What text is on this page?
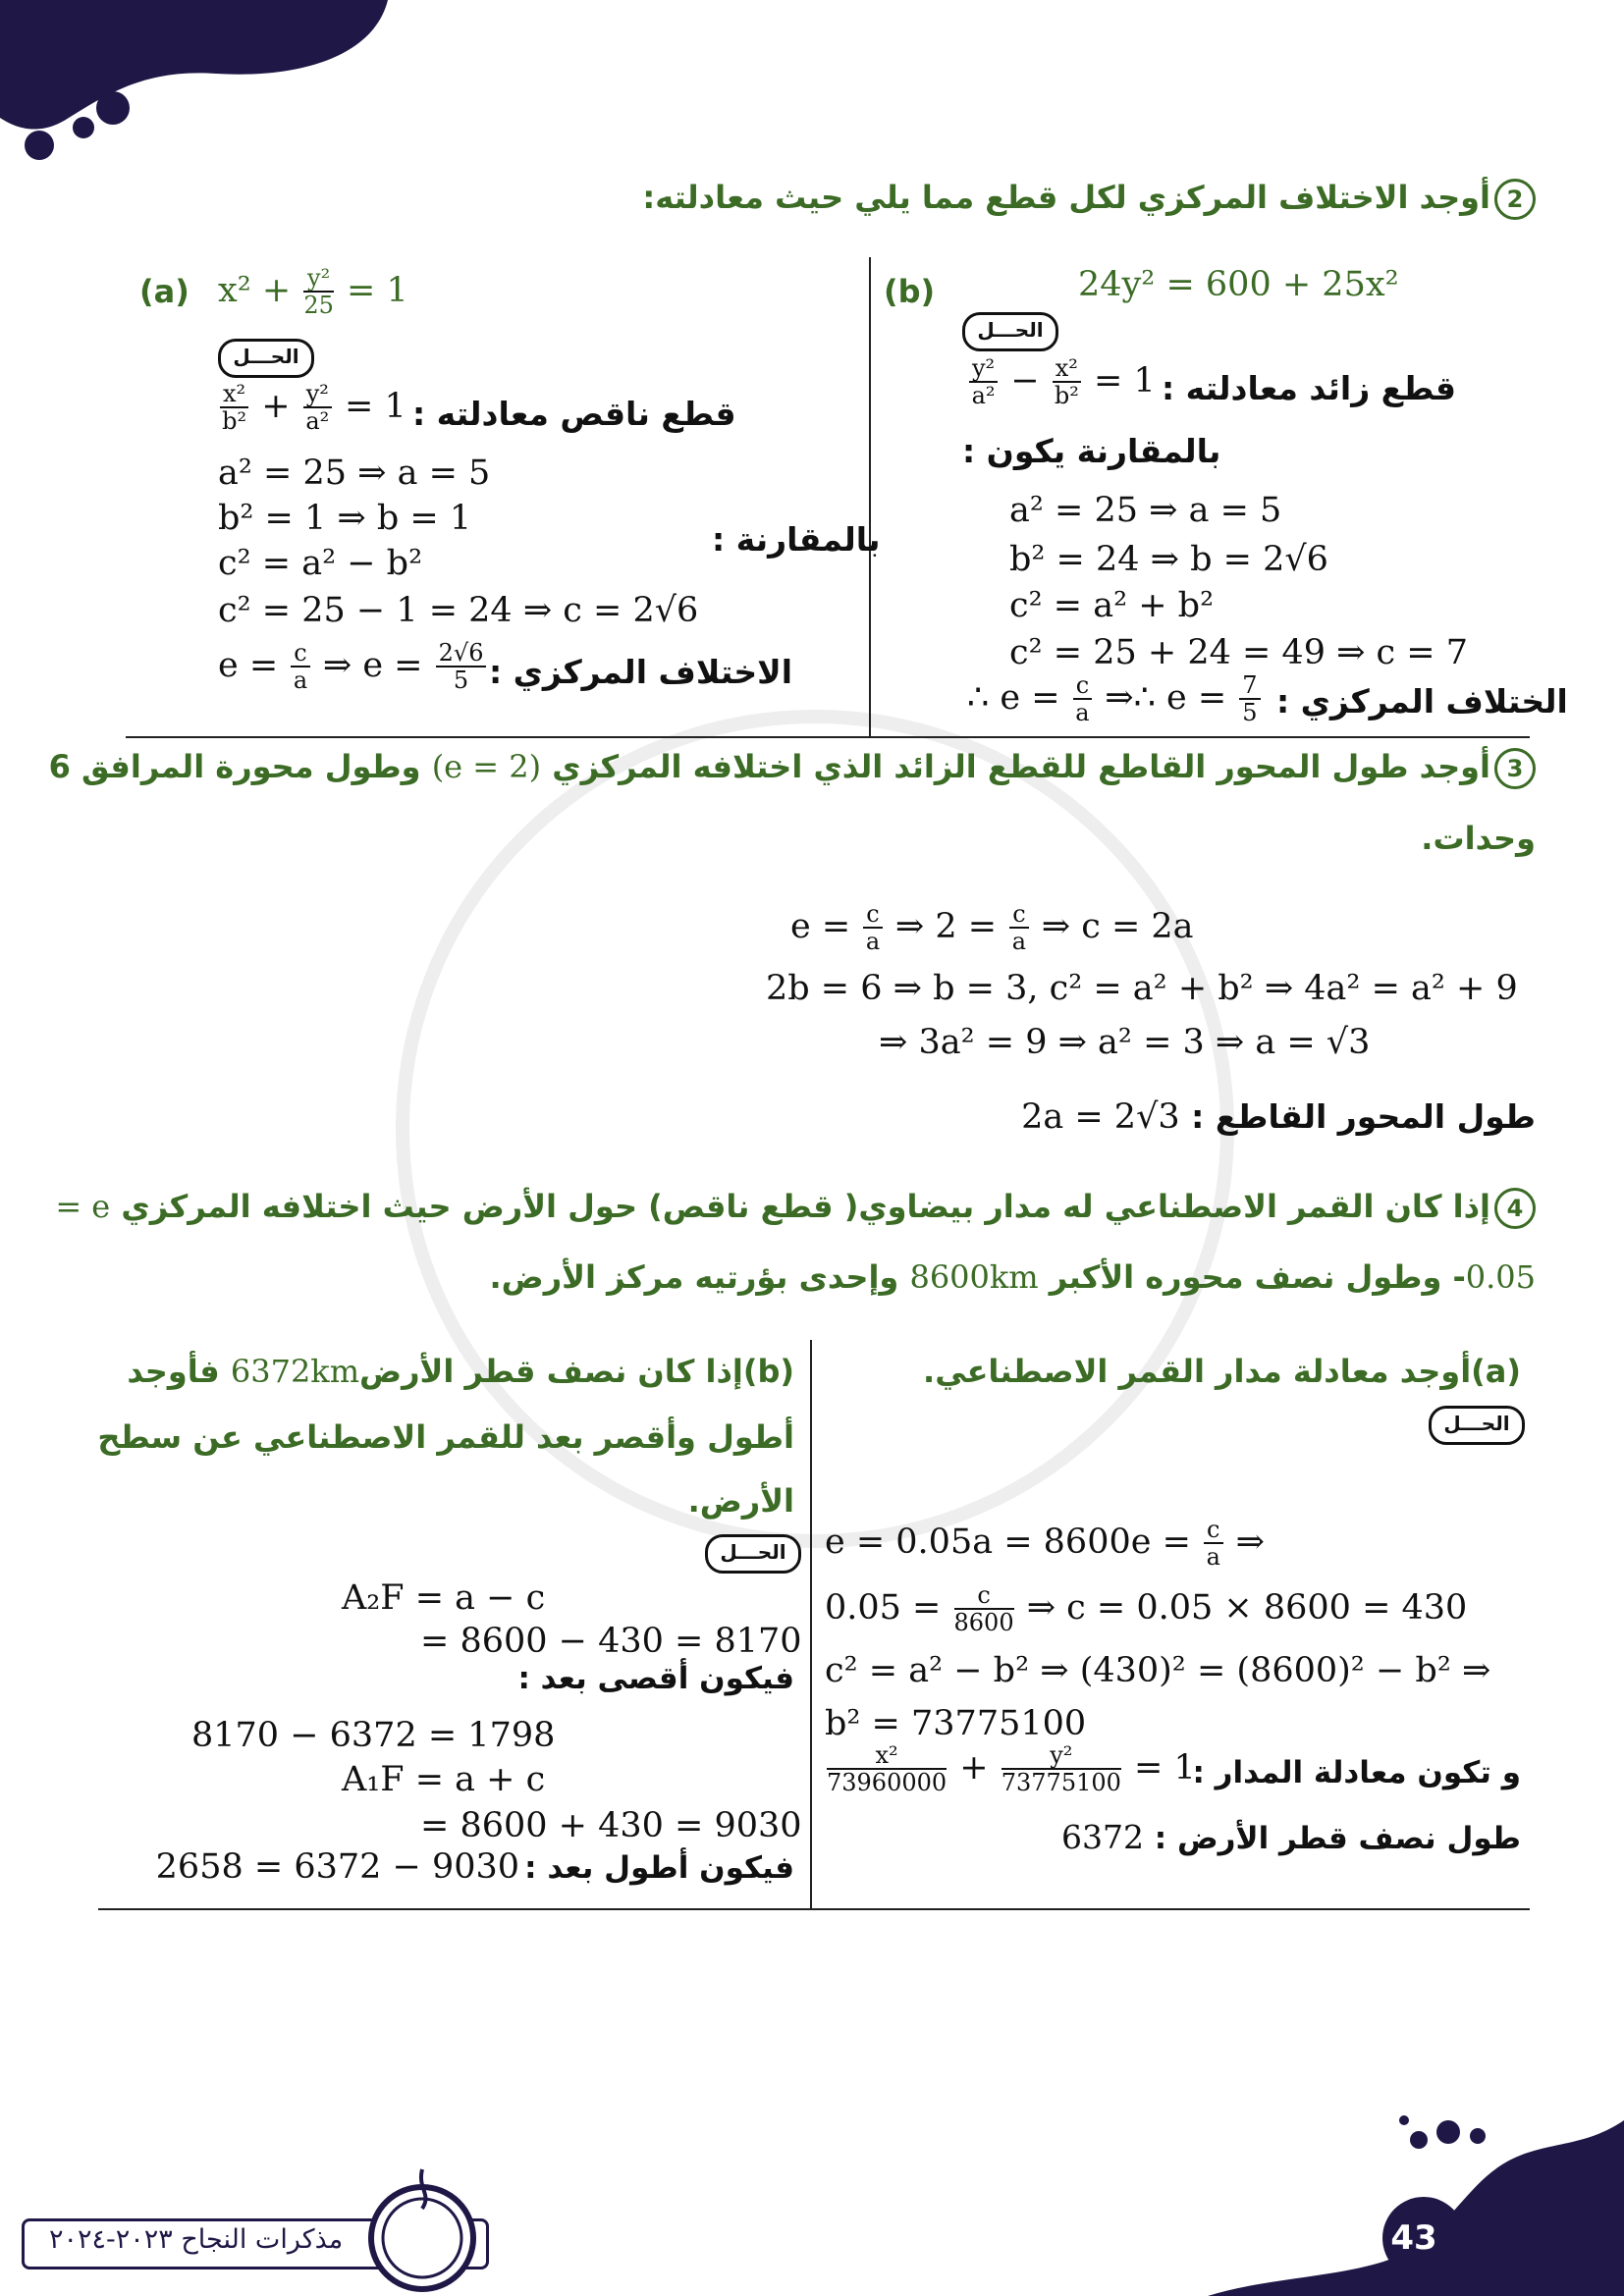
2أوجد الاختلاف المركزي لكل قطع مما يلي حيث معادلته:
(a) $x^2 + \frac{\text{y²}}{25} = 1$
الحـــل
$\frac{\text{x²}}{\text{b²}} + \frac{\text{y²}}{\text{a²}} = 1$ قطع ناقص معادلته :
a² = 25 ⇒ a = 5
b² = 1 ⇒ b = 1
بالمقارنة :
c² = a² − b²
c² = 25 − 1 = 24 ⇒ c = 2√6
$e = \frac{c}{a}$ ⇒ $e = \frac{2√6}{5}$ الاختلاف المركزي :
(b)	24y² = 600 + 25x²
الحـــل
$\frac{\text{y²}}{\text{a²}} - \frac{\text{x²}}{\text{b²}} = 1$ قطع زائد معادلته :
بالمقارنة يكون :
a² = 25 ⇒ a = 5
b² = 24 ⇒ b = 2√6
c² = a² + b²
c² = 25 + 24 = 49 ⇒ c = 7
∴ $e = \frac{c}{a}$ ⇒∴ $e = \frac{7}{5}$ الختلاف المركزي :
3أوجد طول المحور القاطع للقطع الزائد الذي اختلافه المركزي (e = 2) وطول محورة المرافق 6
وحدات.
$e = \frac{c}{a}$ ⇒ $2 = \frac{c}{a}$ ⇒ c = 2a
2b = 6 ⇒ b = 3, c² = a² + b² ⇒ 4a² = a² + 9
⇒ 3a² = 9 ⇒ a² = 3 ⇒ a = √3
طول المحور القاطع : 2a = 2√3
4إذا كان القمر الاصطناعي له مدار بيضاوي( قطع ناقص) حول الأرض حيث اختلافه المركزي e =
0.05- وطول نصف محوره الأكبر 8600km وإحدى بؤرتيه مركز الأرض.
(a)أوجد معادلة مدار القمر الاصطناعي.
الحـــل
$e = 0.05a = 8600e = \frac{c}{a}$ ⇒
$0.05 = \frac{c}{8600}$ ⇒ c = 0.05 × 8600 = 430
c² = a² − b² ⇒ (430)² = (8600)² − b² ⇒
b² = 73775100
$\frac{\text{x²}}{73960000} + \frac{\text{y²}}{73775100} = 1$
و تكون معادلة المدار :
طول نصف قطر الأرض : 6372
(b)إذا كان نصف قطر الأرض6372km فأوجد
أطول وأقصر بعد للقمر الاصطناعي عن سطح
الأرض.
الحـــل
A₂F = a − c
= 8600 − 430 = 8170
فيكون أقصى بعد :
8170 − 6372 = 1798
A₁F = a + c
= 8600 + 430 = 9030
فيكون أطول بعد : 9030 − 6372 = 2658
مذكرات النجاح ٢٠٢٣-٢٠٢٤	43
